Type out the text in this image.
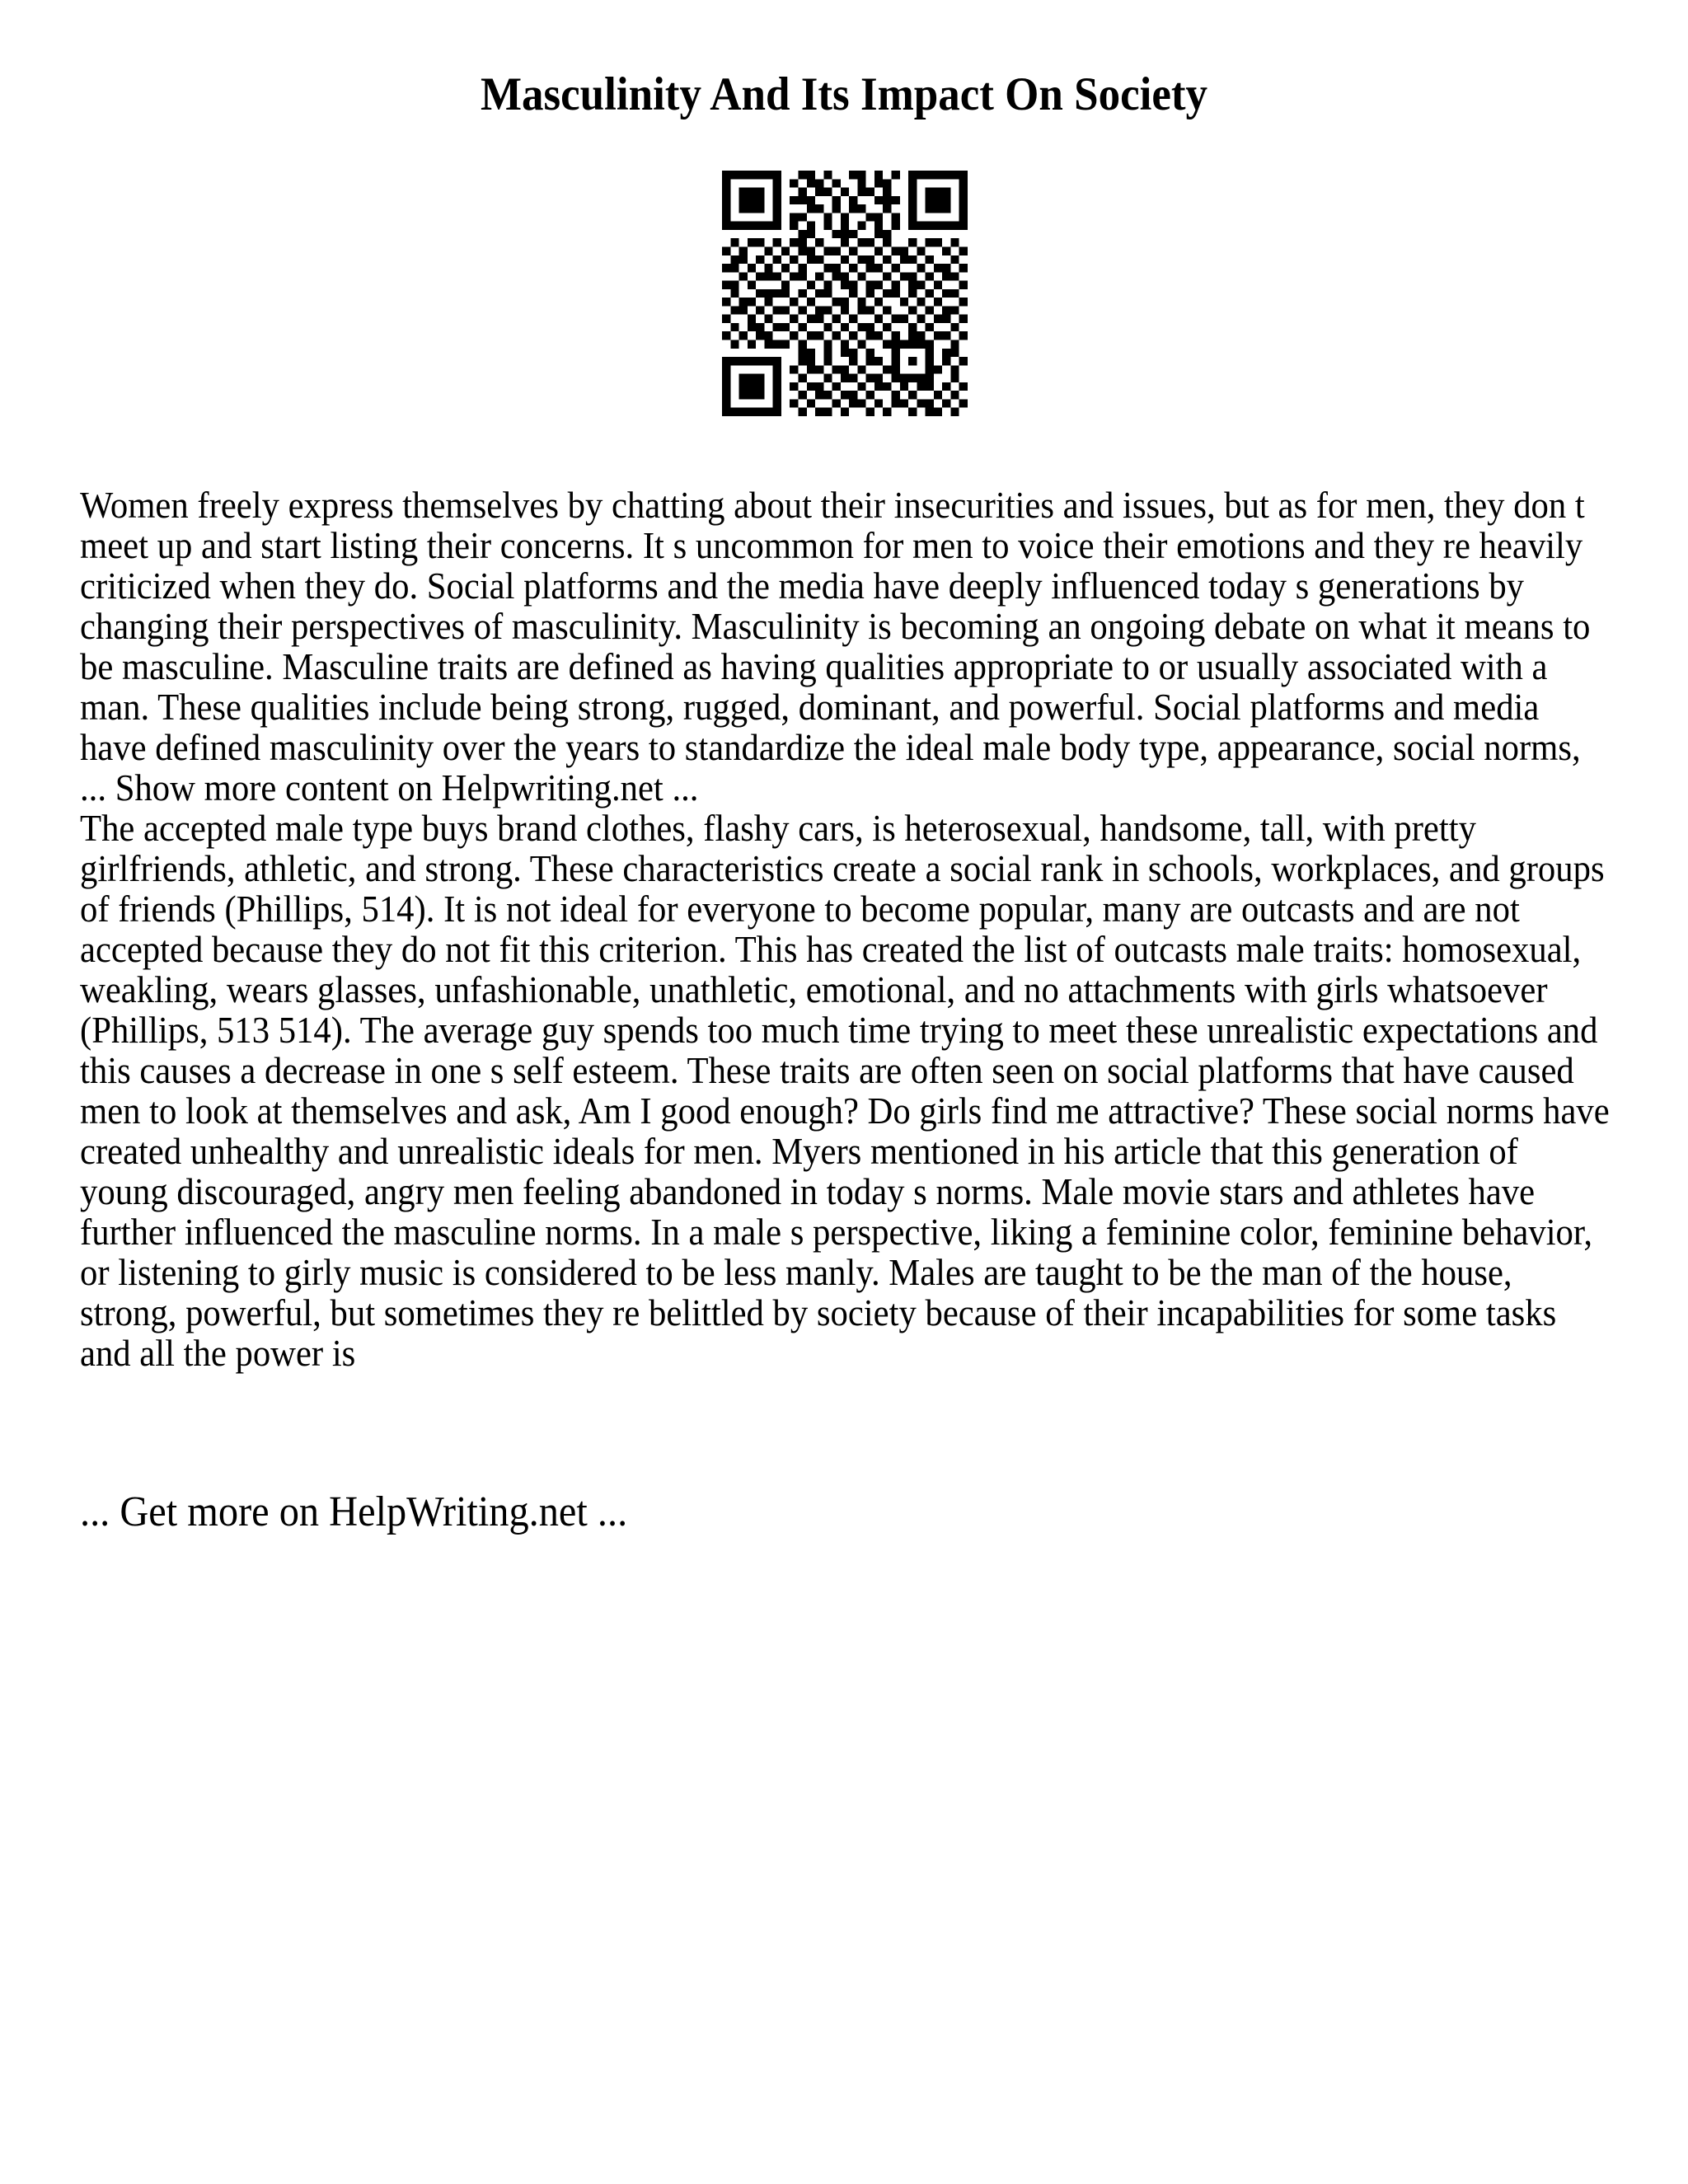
Masculinity And Its Impact On Society

Women freely express themselves by chatting about their insecurities and issues, but as for men, they don t meet up and start listing their concerns. It s uncommon for men to voice their emotions and they re heavily criticized when they do. Social platforms and the media have deeply influenced today s generations by changing their perspectives of masculinity. Masculinity is becoming an ongoing debate on what it means to be masculine. Masculine traits are defined as having qualities appropriate to or usually associated with a man. These qualities include being strong, rugged, dominant, and powerful. Social platforms and media have defined masculinity over the years to standardize the ideal male body type, appearance, social norms, ... Show more content on Helpwriting.net ...

The accepted male type buys brand clothes, flashy cars, is heterosexual, handsome, tall, with pretty girlfriends, athletic, and strong. These characteristics create a social rank in schools, workplaces, and groups of friends (Phillips, 514). It is not ideal for everyone to become popular, many are outcasts and are not accepted because they do not fit this criterion. This has created the list of outcasts male traits: homosexual, weakling, wears glasses, unfashionable, unathletic, emotional, and no attachments with girls whatsoever (Phillips, 513 514). The average guy spends too much time trying to meet these unrealistic expectations and this causes a decrease in one s self esteem. These traits are often seen on social platforms that have caused men to look at themselves and ask, Am I good enough? Do girls find me attractive? These social norms have created unhealthy and unrealistic ideals for men. Myers mentioned in his article that this generation of young discouraged, angry men feeling abandoned in today s norms. Male movie stars and athletes have further influenced the masculine norms. In a male s perspective, liking a feminine color, feminine behavior, or listening to girly music is considered to be less manly. Males are taught to be the man of the house, strong, powerful, but sometimes they re belittled by society because of their incapabilities for some tasks and all the power is

... Get more on HelpWriting.net ...
